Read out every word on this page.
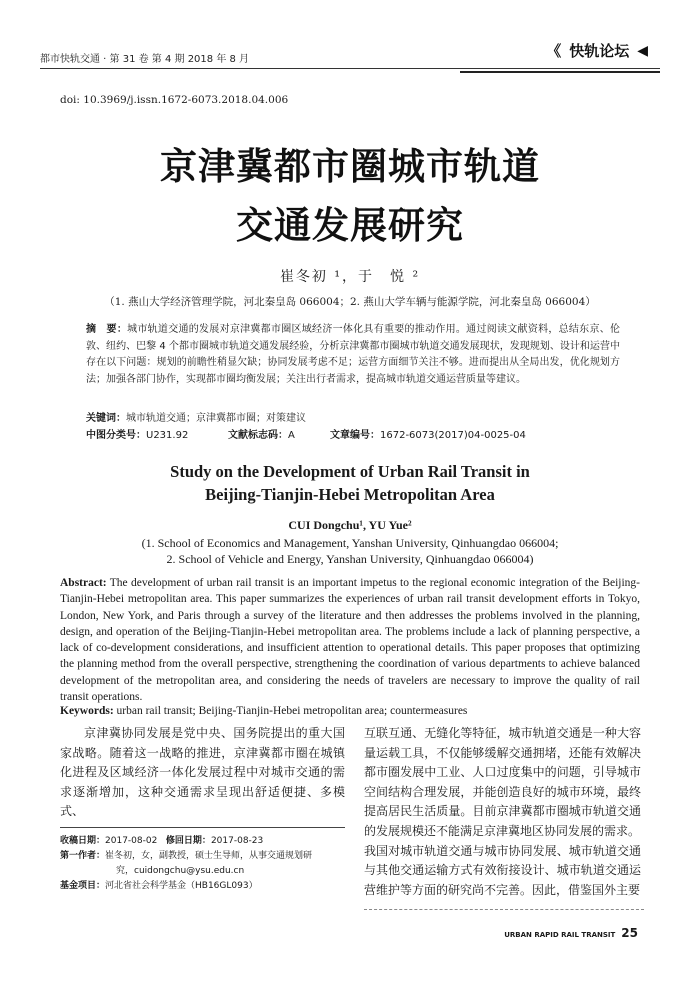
都市快轨交通 · 第 31 卷 第 4 期 2018 年 8 月	《 快轨论坛 ◀
doi: 10.3969/j.issn.1672-6073.2018.04.006
京津冀都市圈城市轨道
交通发展研究
崔冬初 ¹，于　悦 ²
（1. 燕山大学经济管理学院，河北秦皇岛 066004；2. 燕山大学车辆与能源学院，河北秦皇岛 066004）
摘　要：城市轨道交通的发展对京津冀都市圈区域经济一体化具有重要的推动作用。通过阅读文献资料，总结东京、伦敦、纽约、巴黎 4 个都市圈城市轨道交通发展经验，分析京津冀都市圈城市轨道交通发展现状，发现规划、设计和运营中存在以下问题：规划的前瞻性稍显欠缺；协同发展考虑不足；运营方面细节关注不够。进而提出从全局出发，优化规划方法；加强各部门协作，实现都市圈均衡发展；关注出行者需求，提高城市轨道交通运营质量等建议。
关键词：城市轨道交通；京津冀都市圈；对策建议
中图分类号：U231.92	文献标志码：A	文章编号：1672-6073(2017)04-0025-04
Study on the Development of Urban Rail Transit in
Beijing-Tianjin-Hebei Metropolitan Area
CUI Dongchu¹, YU Yue²
(1. School of Economics and Management, Yanshan University, Qinhuangdao 066004;
2. School of Vehicle and Energy, Yanshan University, Qinhuangdao 066004)
Abstract: The development of urban rail transit is an important impetus to the regional economic integration of the Beijing-Tianjin-Hebei metropolitan area. This paper summarizes the experiences of urban rail transit development efforts in Tokyo, London, New York, and Paris through a survey of the literature and then addresses the problems involved in the planning, design, and operation of the Beijing-Tianjin-Hebei metropolitan area. The problems include a lack of planning perspective, a lack of co-development considerations, and insufficient attention to operational details. This paper proposes that optimizing the planning method from the overall perspective, strengthening the coordination of various departments to achieve balanced development of the metropolitan area, and considering the needs of travelers are necessary to improve the quality of rail transit operations.
Keywords: urban rail transit; Beijing-Tianjin-Hebei metropolitan area; countermeasures

京津冀协同发展是党中央、国务院提出的重大国家战略。随着这一战略的推进，京津冀都市圈在城镇化进程及区域经济一体化发展过程中对城市交通的需求逐渐增加，这种交通需求呈现出舒适便捷、多模式、

互联互通、无缝化等特征，城市轨道交通是一种大容量运载工具，不仅能够缓解交通拥堵，还能有效解决都市圈发展中工业、人口过度集中的问题，引导城市空间结构合理发展，并能创造良好的城市环境，最终提高居民生活质量。目前京津冀都市圈城市轨道交通的发展规模还不能满足京津冀地区协同发展的需求。

我国对城市轨道交通与城市协同发展、城市轨道交通与其他交通运输方式有效衔接设计、城市轨道交通运营维护等方面的研究尚不完善。因此，借鉴国外主要

收稿日期：2017-08-02 修回日期：2017-08-23
第一作者：崔冬初，女，副教授，硕士生导师，从事交通规划研
究，cuidongchu@ysu.edu.cn
基金项目：河北省社会科学基金（HB16GL093）
URBAN RAPID RAIL TRANSIT 25
